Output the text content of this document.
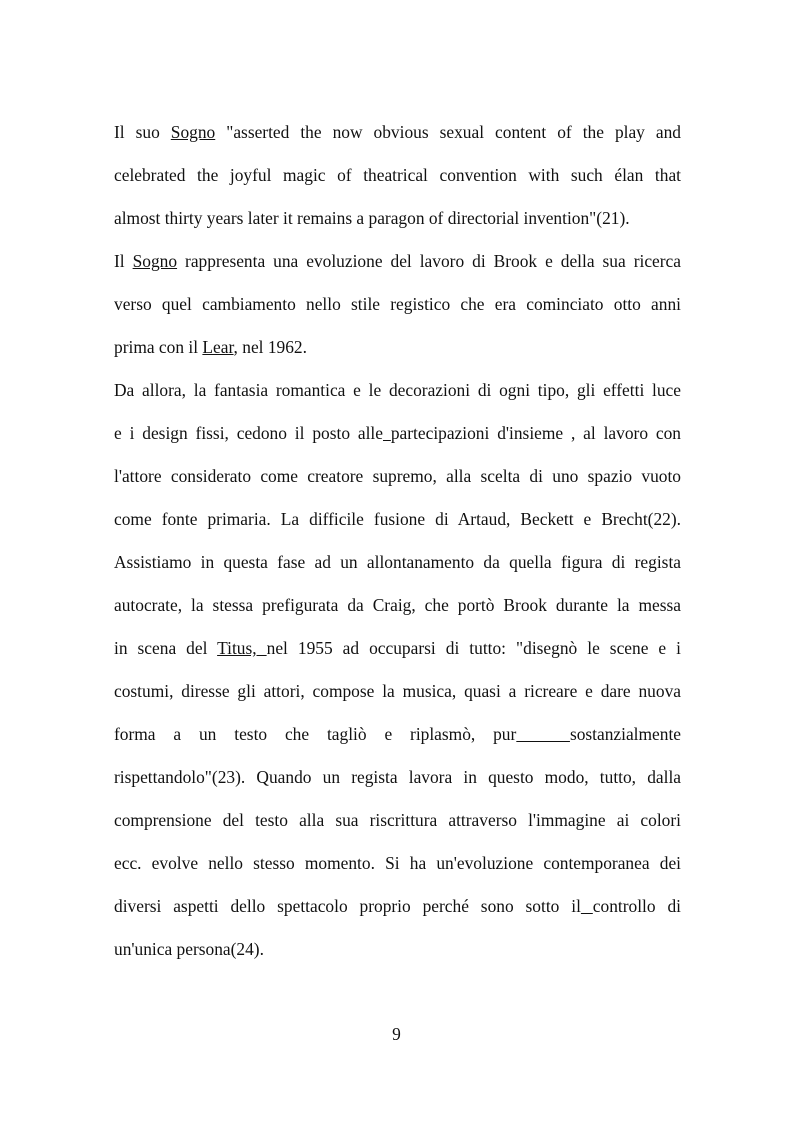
Il suo Sogno "asserted the now obvious sexual content of the play and
celebrated the joyful magic of theatrical convention with such élan that
almost thirty years later it remains a paragon of directorial invention"(21).
Il Sogno rappresenta una evoluzione del lavoro di Brook e della sua ricerca
verso quel cambiamento nello stile registico che era cominciato otto anni
prima con il Lear, nel 1962.
Da allora, la fantasia romantica e le decorazioni di ogni tipo, gli effetti luce
e i design fissi, cedono il posto alle partecipazioni d'insieme , al lavoro con
l'attore considerato come creatore supremo, alla scelta di uno spazio vuoto
come fonte primaria. La difficile fusione di Artaud, Beckett e Brecht(22).
Assistiamo in questa fase ad un allontanamento da quella figura di regista
autocrate, la stessa prefigurata da Craig, che portò Brook durante la messa
in scena del Titus, nel 1955 ad occuparsi di tutto: "disegnò le scene e i
costumi, diresse gli attori, compose la musica, quasi a ricreare e dare nuova
forma a un testo che tagliò e riplasmò, pur	sostanzialmente
rispettandolo"(23). Quando un regista lavora in questo modo, tutto, dalla
comprensione del testo alla sua riscrittura attraverso l'immagine ai colori
ecc. evolve nello stesso momento. Si ha un'evoluzione contemporanea dei
diversi aspetti dello spettacolo proprio perché sono sotto il controllo di
un'unica persona(24).
9
